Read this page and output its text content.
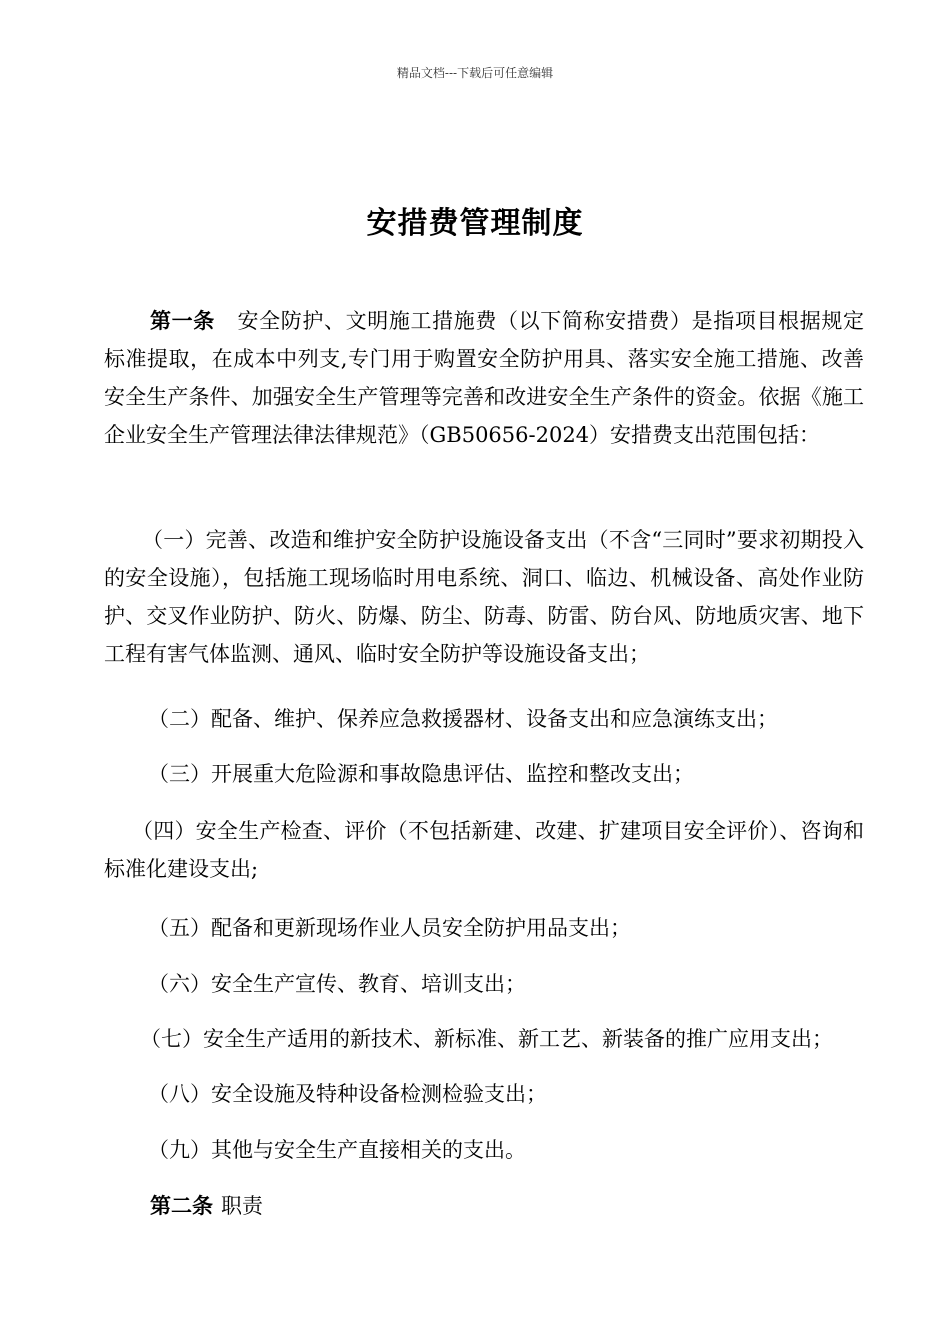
精品文档---下载后可任意编辑
安措费管理制度

第一条 安全防护、文明施工措施费（以下简称安措费）是指项目根据规定标准提取，在成本中列支,专门用于购置安全防护用具、落实安全施工措施、改善安全生产条件、加强安全生产管理等完善和改进安全生产条件的资金。依据《施工企业安全生产管理法律法律规范》（GB50656-2024）安措费支出范围包括：

（一）完善、改造和维护安全防护设施设备支出（不含“三同时”要求初期投入的安全设施），包括施工现场临时用电系统、洞口、临边、机械设备、高处作业防护、交叉作业防护、防火、防爆、防尘、防毒、防雷、防台风、防地质灾害、地下工程有害气体监测、通风、临时安全防护等设施设备支出；

（二）配备、维护、保养应急救援器材、设备支出和应急演练支出；

（三）开展重大危险源和事故隐患评估、监控和整改支出；

（四）安全生产检查、评价（不包括新建、改建、扩建项目安全评价）、咨询和标准化建设支出;

（五）配备和更新现场作业人员安全防护用品支出；

（六）安全生产宣传、教育、培训支出；

（七）安全生产适用的新技术、新标准、新工艺、新装备的推广应用支出；

（八）安全设施及特种设备检测检验支出；

（九）其他与安全生产直接相关的支出。

第二条 职责
